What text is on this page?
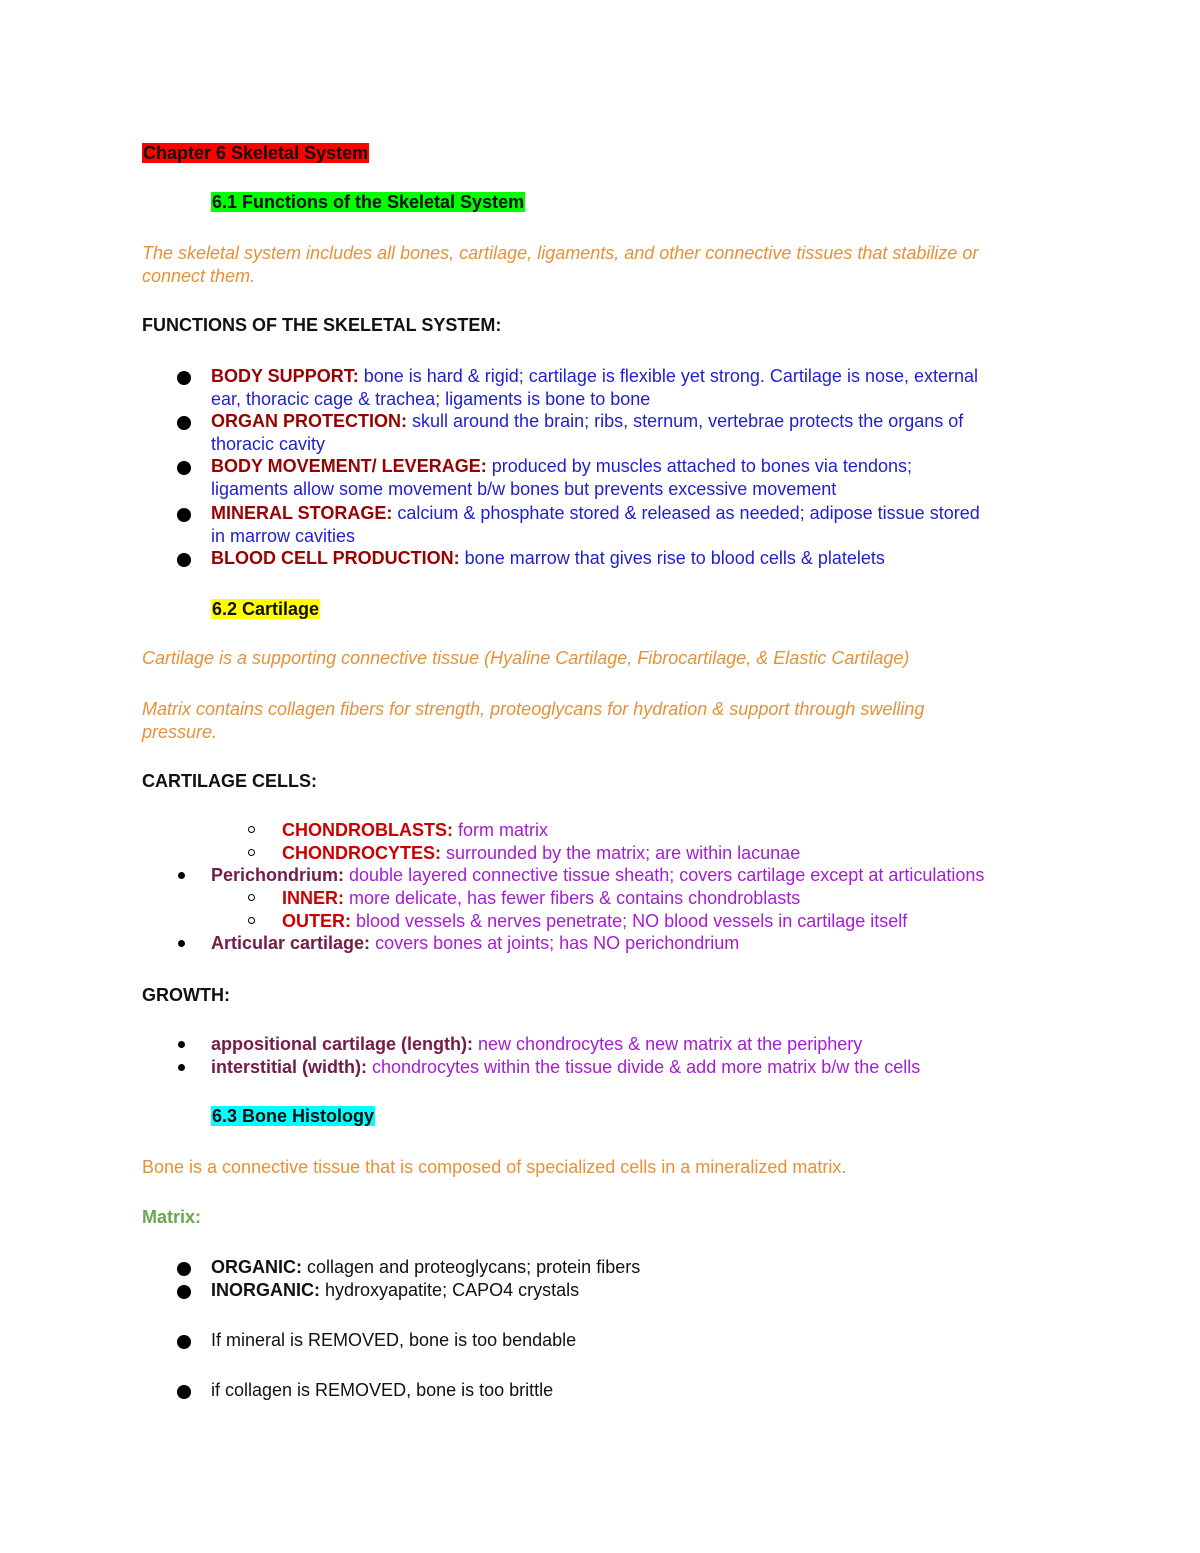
Chapter 6 Skeletal System
6.1 Functions of the Skeletal System
The skeletal system includes all bones, cartilage, ligaments, and other connective tissues that stabilize or
connect them.
FUNCTIONS OF THE SKELETAL SYSTEM:
BODY SUPPORT: bone is hard & rigid; cartilage is flexible yet strong. Cartilage is nose, external
ear, thoracic cage & trachea; ligaments is bone to bone
ORGAN PROTECTION: skull around the brain; ribs, sternum, vertebrae protects the organs of
thoracic cavity
BODY MOVEMENT/ LEVERAGE: produced by muscles attached to bones via tendons;
ligaments allow some movement b/w bones but prevents excessive movement
MINERAL STORAGE: calcium & phosphate stored & released as needed; adipose tissue stored
in marrow cavities
BLOOD CELL PRODUCTION: bone marrow that gives rise to blood cells & platelets
6.2 Cartilage
Cartilage is a supporting connective tissue (Hyaline Cartilage, Fibrocartilage, & Elastic Cartilage)
Matrix contains collagen fibers for strength, proteoglycans for hydration & support through swelling
pressure.
CARTILAGE CELLS:
CHONDROBLASTS: form matrix
CHONDROCYTES: surrounded by the matrix; are within lacunae
Perichondrium: double layered connective tissue sheath; covers cartilage except at articulations
INNER: more delicate, has fewer fibers & contains chondroblasts
OUTER: blood vessels & nerves penetrate; NO blood vessels in cartilage itself
Articular cartilage: covers bones at joints; has NO perichondrium
GROWTH:
appositional cartilage (length): new chondrocytes & new matrix at the periphery
interstitial (width): chondrocytes within the tissue divide & add more matrix b/w the cells
6.3 Bone Histology
Bone is a connective tissue that is composed of specialized cells in a mineralized matrix.
Matrix:
ORGANIC: collagen and proteoglycans; protein fibers
INORGANIC: hydroxyapatite; CAPO4 crystals
If mineral is REMOVED, bone is too bendable
if collagen is REMOVED, bone is too brittle
